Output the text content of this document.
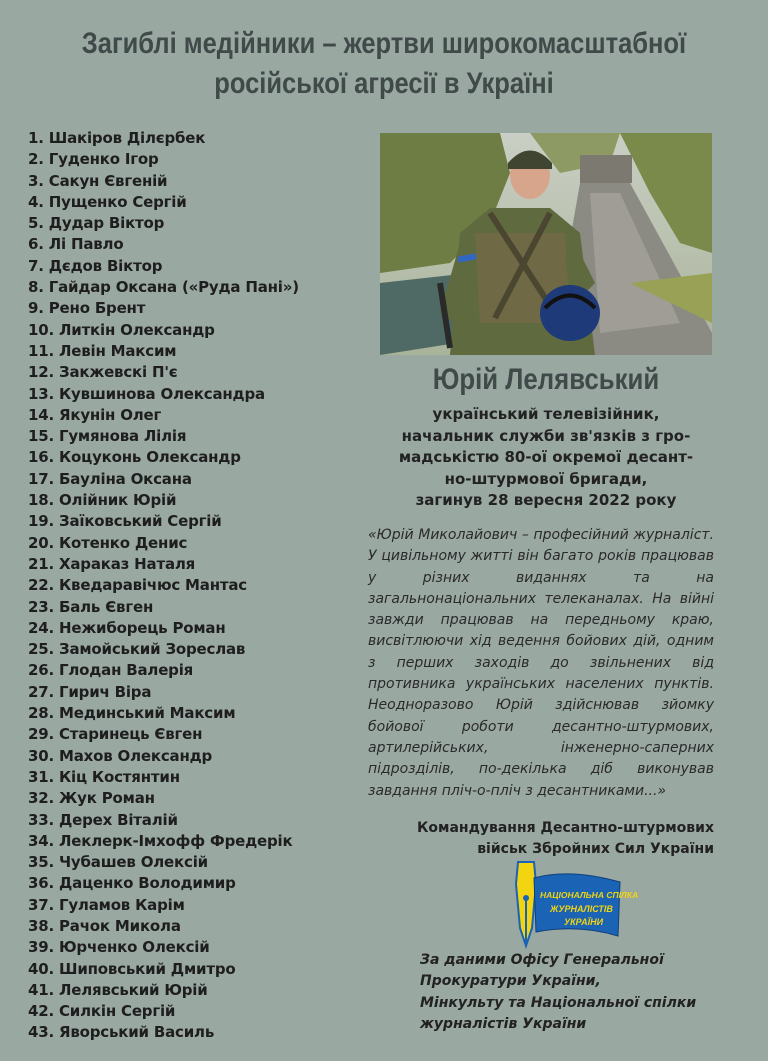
Загиблі медійники – жертви широкомасштабної
російської агресії в Україні
1. Шакіров Ділєрбек
2. Гуденко Ігор
3. Сакун Євгеній
4. Пущенко Сергій
5. Дудар Віктор
6. Лі Павло
7. Дєдов Віктор
8. Гайдар Оксана («Руда Пані»)
9. Рено Брент
10. Литкін Олександр
11. Левін Максим
12. Закжевскі П'є
13. Кувшинова Олександра
14. Якунін Олег
15. Гумянова Лілія
16. Коцуконь Олександр
17. Бауліна Оксана
18. Олійник Юрій
19. Заїковський Сергій
20. Котенко Денис
21. Хараказ Наталя
22. Кведаравічюс Мантас
23. Баль Євген
24. Нежиборець Роман
25. Замойський Зореслав
26. Глодан Валерія
27. Гирич Віра
28. Мединський Максим
29. Старинець Євген
30. Махов Олександр
31. Кіц Костянтин
32. Жук Роман
33. Дерех Віталій
34. Леклерк-Імхофф Фредерік
35. Чубашев Олексій
36. Даценко Володимир
37. Гуламов Карім
38. Рачок Микола
39. Юрченко Олексій
40. Шиповський Дмитро
41. Лелявський Юрій
42. Силкін Сергій
43. Яворський Василь
Юрій Лелявський
український телевізійник,
начальник служби зв'язків з гро-
мадськістю 80-ої окремої десант-
но-штурмової бригади,
загинув 28 вересня 2022 року
«Юрій Миколайович – професійний журналіст. У цивільному житті він багато років працював у різних виданнях та на загальнонаціональних телеканалах. На війні завжди працював на передньому краю, висвітлюючи хід ведення бойових дій, одним з перших заходів до звільнених від противника українських населених пунктів. Неодноразово Юрій здійснював зйомку бойової роботи десантно-штурмових, артилерійських, інженерно-саперних підрозділів, по-декілька діб виконував завдання пліч-о-пліч з десантниками...»
Командування Десантно-штурмових
військ Збройних Сил України
НАЦІОНАЛЬНА СПІЛКА
ЖУРНАЛІСТІВ
УКРАЇНИ
За даними Офісу Генеральної
Прокуратури України,
Мінкульту та Національної спілки
журналістів України
